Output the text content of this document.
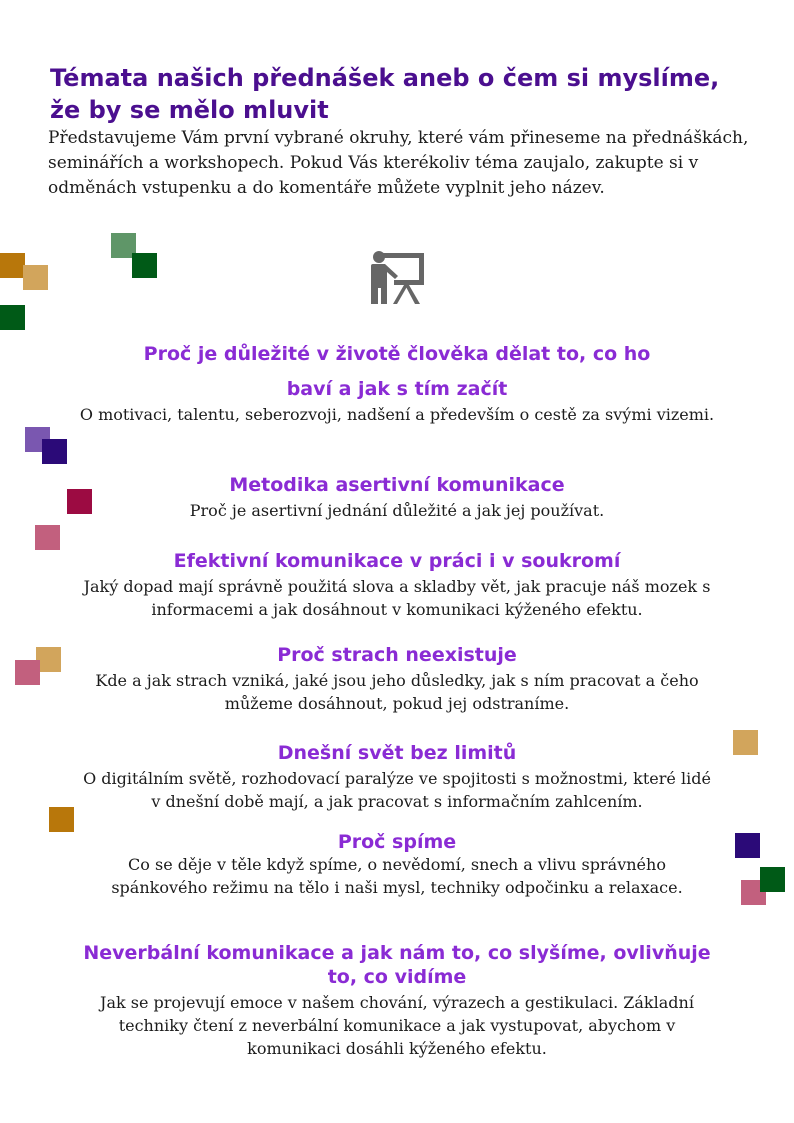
Témata našich přednášek aneb o čem si myslíme, že by se mělo mluvit

Představujeme Vám první vybrané okruhy, které vám přineseme na přednáškách, seminářích a workshopech. Pokud Vás kterékoliv téma zaujalo, zakupte si v odměnách vstupenku a do komentáře můžete vyplnit jeho název.

Proč je důležité v životě člověka dělat to, co ho
baví a jak s tím začít

O motivaci, talentu, seberozvoji, nadšení a především o cestě za svými vizemi.

Metodika asertivní komunikace

Proč je asertivní jednání důležité a jak jej používat.

Efektivní komunikace v práci i v soukromí

Jaký dopad mají správně použitá slova a skladby vět, jak pracuje náš mozek s

informacemi a jak dosáhnout v komunikaci kýženého efektu.

Proč strach neexistuje

Kde a jak strach vzniká, jaké jsou jeho důsledky, jak s ním pracovat a čeho

můžeme dosáhnout, pokud jej odstraníme.

Dnešní svět bez limitů

O digitálním světě, rozhodovací paralýze ve spojitosti s možnostmi, které lidé

v dnešní době mají, a jak pracovat s informačním zahlcením.

Proč spíme

Co se děje v těle když spíme, o nevědomí, snech a vlivu správného

spánkového režimu na tělo i naši mysl, techniky odpočinku a relaxace.

Neverbální komunikace a jak nám to, co slyšíme, ovlivňuje
to, co vidíme

Jak se projevují emoce v našem chování, výrazech a gestikulaci. Základní

techniky čtení z neverbální komunikace a jak vystupovat, abychom v

komunikaci dosáhli kýženého efektu.
